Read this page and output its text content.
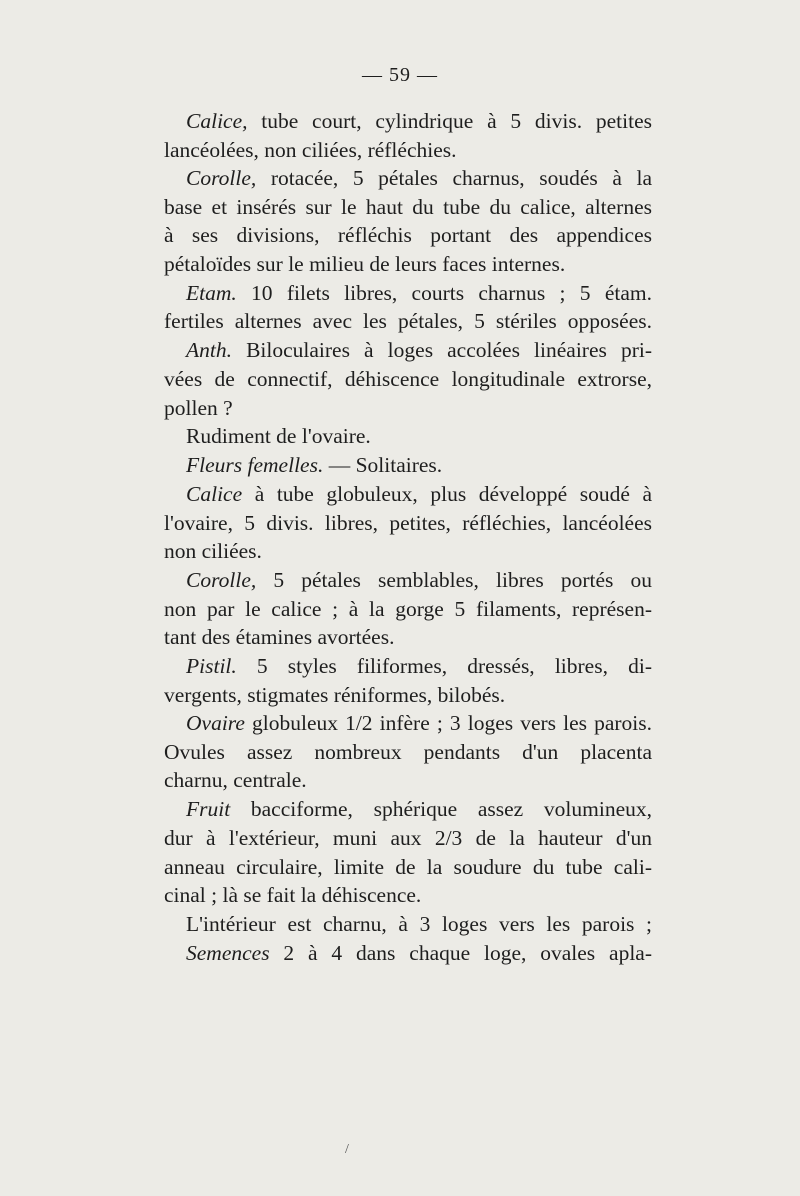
— 59 —
Calice, tube court, cylindrique à 5 divis. petites
lancéolées, non ciliées, réfléchies.
Corolle, rotacée, 5 pétales charnus, soudés à la
base et insérés sur le haut du tube du calice, alternes
à ses divisions, réfléchis portant des appendices
pétaloïdes sur le milieu de leurs faces internes.
Etam. 10 filets libres, courts charnus ; 5 étam.
fertiles alternes avec les pétales, 5 stériles opposées.
Anth. Biloculaires à loges accolées linéaires pri-
vées de connectif, déhiscence longitudinale extrorse,
pollen ?
Rudiment de l'ovaire.
Fleurs femelles. — Solitaires.
Calice à tube globuleux, plus développé soudé à
l'ovaire, 5 divis. libres, petites, réfléchies, lancéolées
non ciliées.
Corolle, 5 pétales semblables, libres portés ou
non par le calice ; à la gorge 5 filaments, représen-
tant des étamines avortées.
Pistil. 5 styles filiformes, dressés, libres, di-
vergents, stigmates réniformes, bilobés.
Ovaire globuleux 1/2 infère ; 3 loges vers les parois.
Ovules assez nombreux pendants d'un placenta
charnu, centrale.
Fruit bacciforme, sphérique assez volumineux,
dur à l'extérieur, muni aux 2/3 de la hauteur d'un
anneau circulaire, limite de la soudure du tube cali-
cinal ; là se fait la déhiscence.
L'intérieur est charnu, à 3 loges vers les parois ;
Semences 2 à 4 dans chaque loge, ovales apla-
/
